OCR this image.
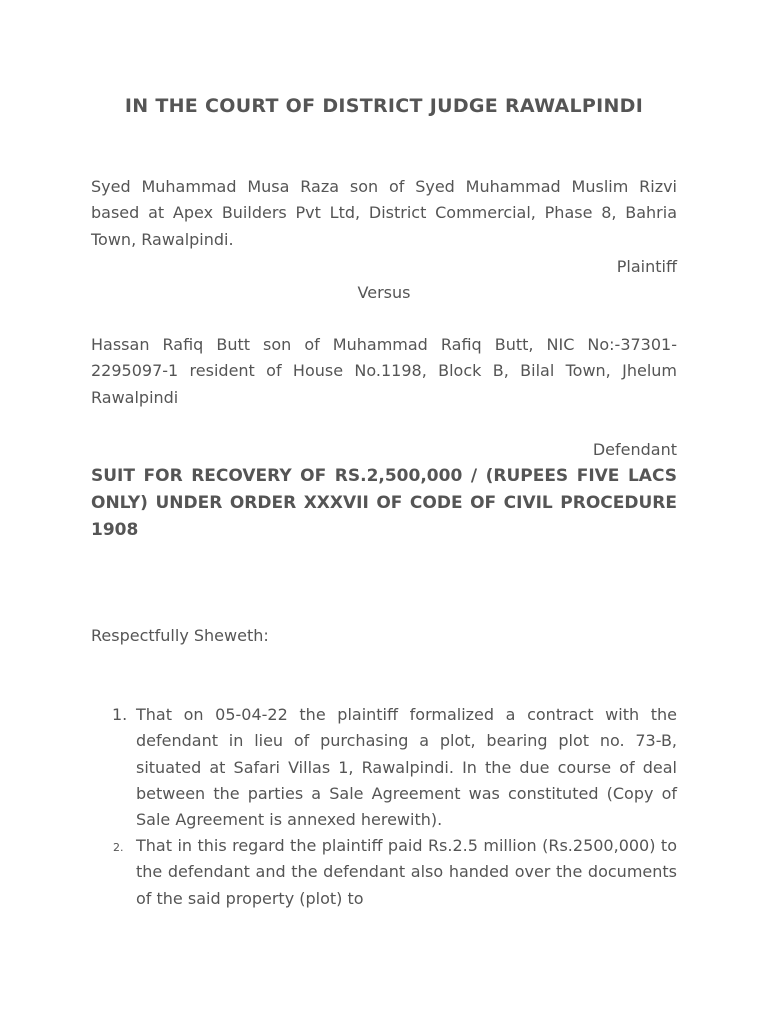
IN THE COURT OF DISTRICT JUDGE RAWALPINDI

Syed Muhammad Musa Raza son of Syed Muhammad Muslim Rizvi based at Apex Builders Pvt Ltd, District Commercial, Phase 8, Bahria Town, Rawalpindi.

Plaintiff

Versus

Hassan Rafiq Butt son of Muhammad Rafiq Butt, NIC No:-37301-2295097-1 resident of House No.1198, Block B, Bilal Town, Jhelum Rawalpindi

Defendant

SUIT FOR RECOVERY OF RS.2,500,000 / (RUPEES FIVE LACS ONLY) UNDER ORDER XXXVII OF CODE OF CIVIL PROCEDURE 1908

Respectfully Sheweth:

1. That on 05-04-22 the plaintiff formalized a contract with the defendant in lieu of purchasing a plot, bearing plot no. 73-B, situated at Safari Villas 1, Rawalpindi. In the due course of deal between the parties a Sale Agreement was constituted (Copy of Sale Agreement is annexed herewith).

2. That in this regard the plaintiff paid Rs.2.5 million (Rs.2500,000) to the defendant and the defendant also handed over the documents of the said property (plot) to
